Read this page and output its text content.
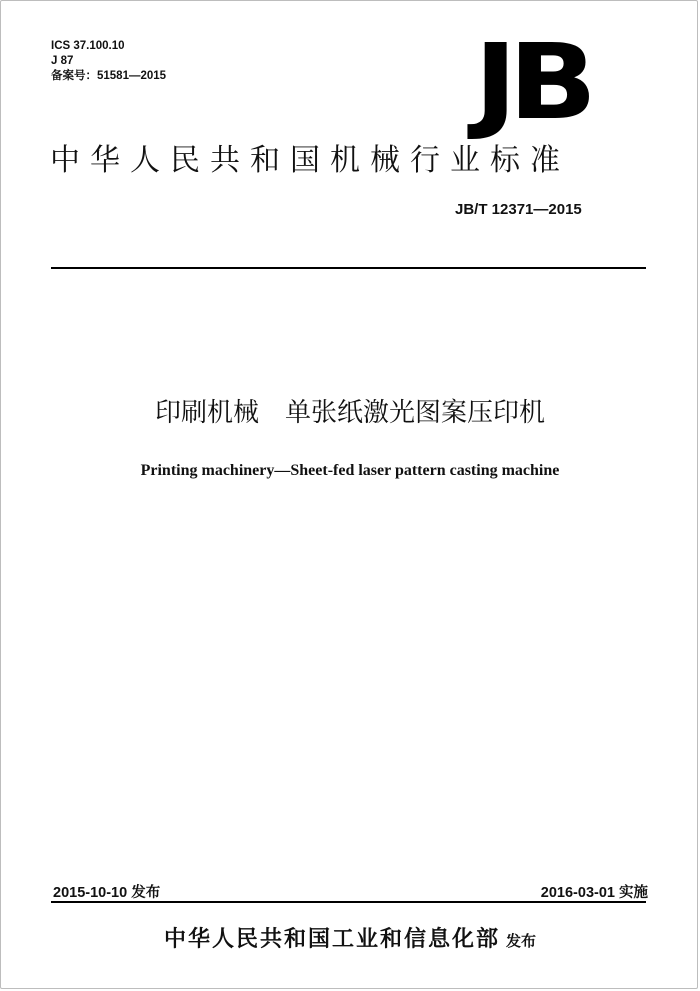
ICS 37.100.10
J 87
备案号：51581—2015	JB
中华人民共和国机械行业标准
JB/T 12371—2015
印刷机械　单张纸激光图案压印机
Printing machinery—Sheet-fed laser pattern casting machine
2015-10-10 发布	2016-03-01 实施
中华人民共和国工业和信息化部 发布
